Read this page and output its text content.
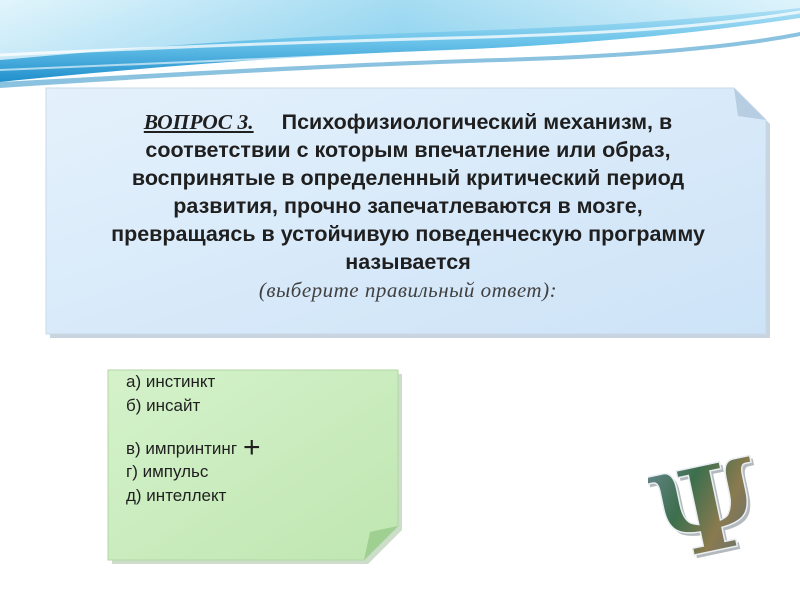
ВОПРОС 3. Психофизиологический механизм, в
соответствии с которым впечатление или образ,
воспринятые в определенный критический период
развития, прочно запечатлеваются в мозге,
превращаясь в устойчивую поведенческую программу
называется
(выберите правильный ответ):
а) инстинкт
б) инсайт
в) импринтинг +
г) импульс
д) интеллект	Ψ
Ψ
